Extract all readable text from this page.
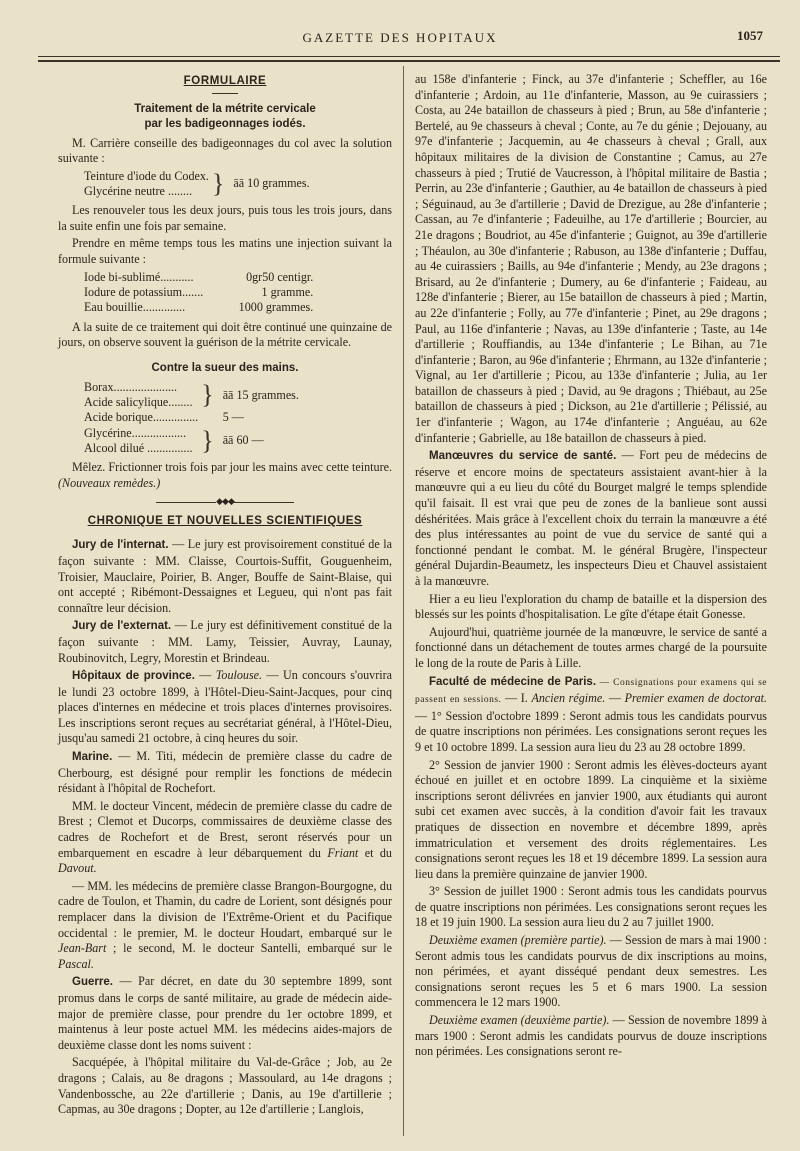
GAZETTE DES HOPITAUX	1057
FORMULAIRE
Traitement de la métrite cervicale
par les badigeonnages iodés.

M. Carrière conseille des badigeonnages du col avec la solution suivante :

Teinture d'iode du Codex.	}	āā 10 grammes.
Glycérine neutre ........

Les renouveler tous les deux jours, puis tous les trois jours, dans la suite enfin une fois par semaine.

Prendre en même temps tous les matins une injection suivant la formule suivante :

Iode bi-sublimé...........	0gr50 centigr.
Iodure de potassium.......	1 gramme.
Eau bouillie..............	1000 grammes.

A la suite de ce traitement qui doit être continué une quinzaine de jours, on observe souvent la guérison de la métrite cervicale.

Contre la sueur des mains.
Borax.....................	}	āā 15 grammes.
Acide salicylique........		
Acide borique...............		5 —
Glycérine..................	}	āā 60 —
Alcool dilué ...............		

Mêlez. Frictionner trois fois par jour les mains avec cette teinture. (Nouveaux remèdes.)

◆◆◆
CHRONIQUE ET NOUVELLES SCIENTIFIQUES

Jury de l'internat. — Le jury est provisoirement constitué de la façon suivante : MM. Claisse, Courtois-Suffit, Gouguenheim, Troisier, Mauclaire, Poirier, B. Anger, Bouffe de Saint-Blaise, qui ont accepté ; Ribémont-Dessaignes et Legueu, qui n'ont pas fait connaître leur décision.

Jury de l'externat. — Le jury est définitivement constitué de la façon suivante : MM. Lamy, Teissier, Auvray, Launay, Roubinovitch, Legry, Morestin et Brindeau.

Hôpitaux de province. — Toulouse. — Un concours s'ouvrira le lundi 23 octobre 1899, à l'Hôtel-Dieu-Saint-Jacques, pour cinq places d'internes en médecine et trois places d'internes provisoires. Les inscriptions seront reçues au secrétariat général, à l'Hôtel-Dieu, jusqu'au samedi 21 octobre, à cinq heures du soir.

Marine. — M. Titi, médecin de première classe du cadre de Cherbourg, est désigné pour remplir les fonctions de médecin résidant à l'hôpital de Rochefort.

MM. le docteur Vincent, médecin de première classe du cadre de Brest ; Clemot et Ducorps, commissaires de deuxième classe des cadres de Rochefort et de Brest, seront réservés pour un embarquement en escadre à leur débarquement du Friant et du Davout.

— MM. les médecins de première classe Brangon-Bourgogne, du cadre de Toulon, et Thamin, du cadre de Lorient, sont désignés pour remplacer dans la division de l'Extrême-Orient et du Pacifique occidental : le premier, M. le docteur Houdart, embarqué sur le Jean-Bart ; le second, M. le docteur Santelli, embarqué sur le Pascal.

Guerre. — Par décret, en date du 30 septembre 1899, sont promus dans le corps de santé militaire, au grade de médecin aide-major de première classe, pour prendre du 1er octobre 1899, et maintenus à leur poste actuel MM. les médecins aides-majors de deuxième classe dont les noms suivent :

Sacquépée, à l'hôpital militaire du Val-de-Grâce ; Job, au 2e dragons ; Calais, au 8e dragons ; Massoulard, au 14e dragons ; Vandenbossche, au 22e d'artillerie ; Danis, au 19e d'artillerie ; Capmas, au 30e dragons ; Dopter, au 12e d'artillerie ; Langlois,

au 158e d'infanterie ; Finck, au 37e d'infanterie ; Scheffler, au 16e d'infanterie ; Ardoin, au 11e d'infanterie, Masson, au 9e cuirassiers ; Costa, au 24e bataillon de chasseurs à pied ; Brun, au 58e d'infanterie ; Bertelé, au 9e chasseurs à cheval ; Conte, au 7e du génie ; Dejouany, au 97e d'infanterie ; Jacquemin, au 4e chasseurs à cheval ; Grall, aux hôpitaux militaires de la division de Constantine ; Camus, au 27e chasseurs à pied ; Trutié de Vaucresson, à l'hôpital militaire de Bastia ; Perrin, au 23e d'infanterie ; Gauthier, au 4e bataillon de chasseurs à pied ; Séguinaud, au 3e d'artillerie ; David de Drezigue, au 28e d'infanterie ; Cassan, au 7e d'infanterie ; Fadeuilhe, au 17e d'artillerie ; Bourcier, au 21e dragons ; Boudriot, au 45e d'infanterie ; Guignot, au 39e d'artillerie ; Théaulon, au 30e d'infanterie ; Rabuson, au 138e d'infanterie ; Duffau, au 4e cuirassiers ; Baills, au 94e d'infanterie ; Mendy, au 23e dragons ; Brisard, au 2e d'infanterie ; Dumery, au 6e d'infanterie ; Faideau, au 128e d'infanterie ; Bierer, au 15e bataillon de chasseurs à pied ; Martin, au 22e d'infanterie ; Folly, au 77e d'infanterie ; Pinet, au 29e dragons ; Paul, au 116e d'infanterie ; Navas, au 139e d'infanterie ; Taste, au 14e d'artillerie ; Rouffiandis, au 134e d'infanterie ; Le Bihan, au 71e d'infanterie ; Baron, au 96e d'infanterie ; Ehrmann, au 132e d'infanterie ; Vignal, au 1er d'artillerie ; Picou, au 133e d'infanterie ; Julia, au 1er bataillon de chasseurs à pied ; David, au 9e dragons ; Thiébaut, au 25e bataillon de chasseurs à pied ; Dickson, au 21e d'artillerie ; Pélissié, au 1er d'infanterie ; Wagon, au 174e d'infanterie ; Anguéau, au 62e d'infanterie ; Gabrielle, au 18e bataillon de chasseurs à pied.

Manœuvres du service de santé. — Fort peu de médecins de réserve et encore moins de spectateurs assistaient avant-hier à la manœuvre qui a eu lieu du côté du Bourget malgré le temps splendide qu'il faisait. Il est vrai que peu de zones de la banlieue sont aussi déshéritées. Mais grâce à l'excellent choix du terrain la manœuvre a été des plus intéressantes au point de vue du service de santé qui a fonctionné pendant le combat. M. le général Brugère, l'inspecteur général Dujardin-Beaumetz, les inspecteurs Dieu et Chauvel assistaient à la manœuvre.

Hier a eu lieu l'exploration du champ de bataille et la dispersion des blessés sur les points d'hospitalisation. Le gîte d'étape était Gonesse.

Aujourd'hui, quatrième journée de la manœuvre, le service de santé a fonctionné dans un détachement de toutes armes chargé de la poursuite le long de la route de Paris à Lille.

Faculté de médecine de Paris. — Consignations pour examens qui se passent en sessions. — I. Ancien régime. — Premier examen de doctorat. — 1° Session d'octobre 1899 : Seront admis tous les candidats pourvus de quatre inscriptions non périmées. Les consignations seront reçues les 9 et 10 octobre 1899. La session aura lieu du 23 au 28 octobre 1899.

2° Session de janvier 1900 : Seront admis les élèves-docteurs ayant échoué en juillet et en octobre 1899. La cinquième et la sixième inscriptions seront délivrées en janvier 1900, aux étudiants qui auront subi cet examen avec succès, à la condition d'avoir fait les travaux pratiques de dissection en novembre et décembre 1899, après immatriculation et versement des droits réglementaires. Les consignations seront reçues les 18 et 19 décembre 1899. La session aura lieu dans la première quinzaine de janvier 1900.

3° Session de juillet 1900 : Seront admis tous les candidats pourvus de quatre inscriptions non périmées. Les consignations seront reçues les 18 et 19 juin 1900. La session aura lieu du 2 au 7 juillet 1900.

Deuxième examen (première partie). — Session de mars à mai 1900 : Seront admis tous les candidats pourvus de dix inscriptions au moins, non périmées, et ayant disséqué pendant deux semestres. Les consignations seront reçues les 5 et 6 mars 1900. La session commencera le 12 mars 1900.

Deuxième examen (deuxième partie). — Session de novembre 1899 à mars 1900 : Seront admis les candidats pourvus de douze inscriptions non périmées. Les consignations seront re-
